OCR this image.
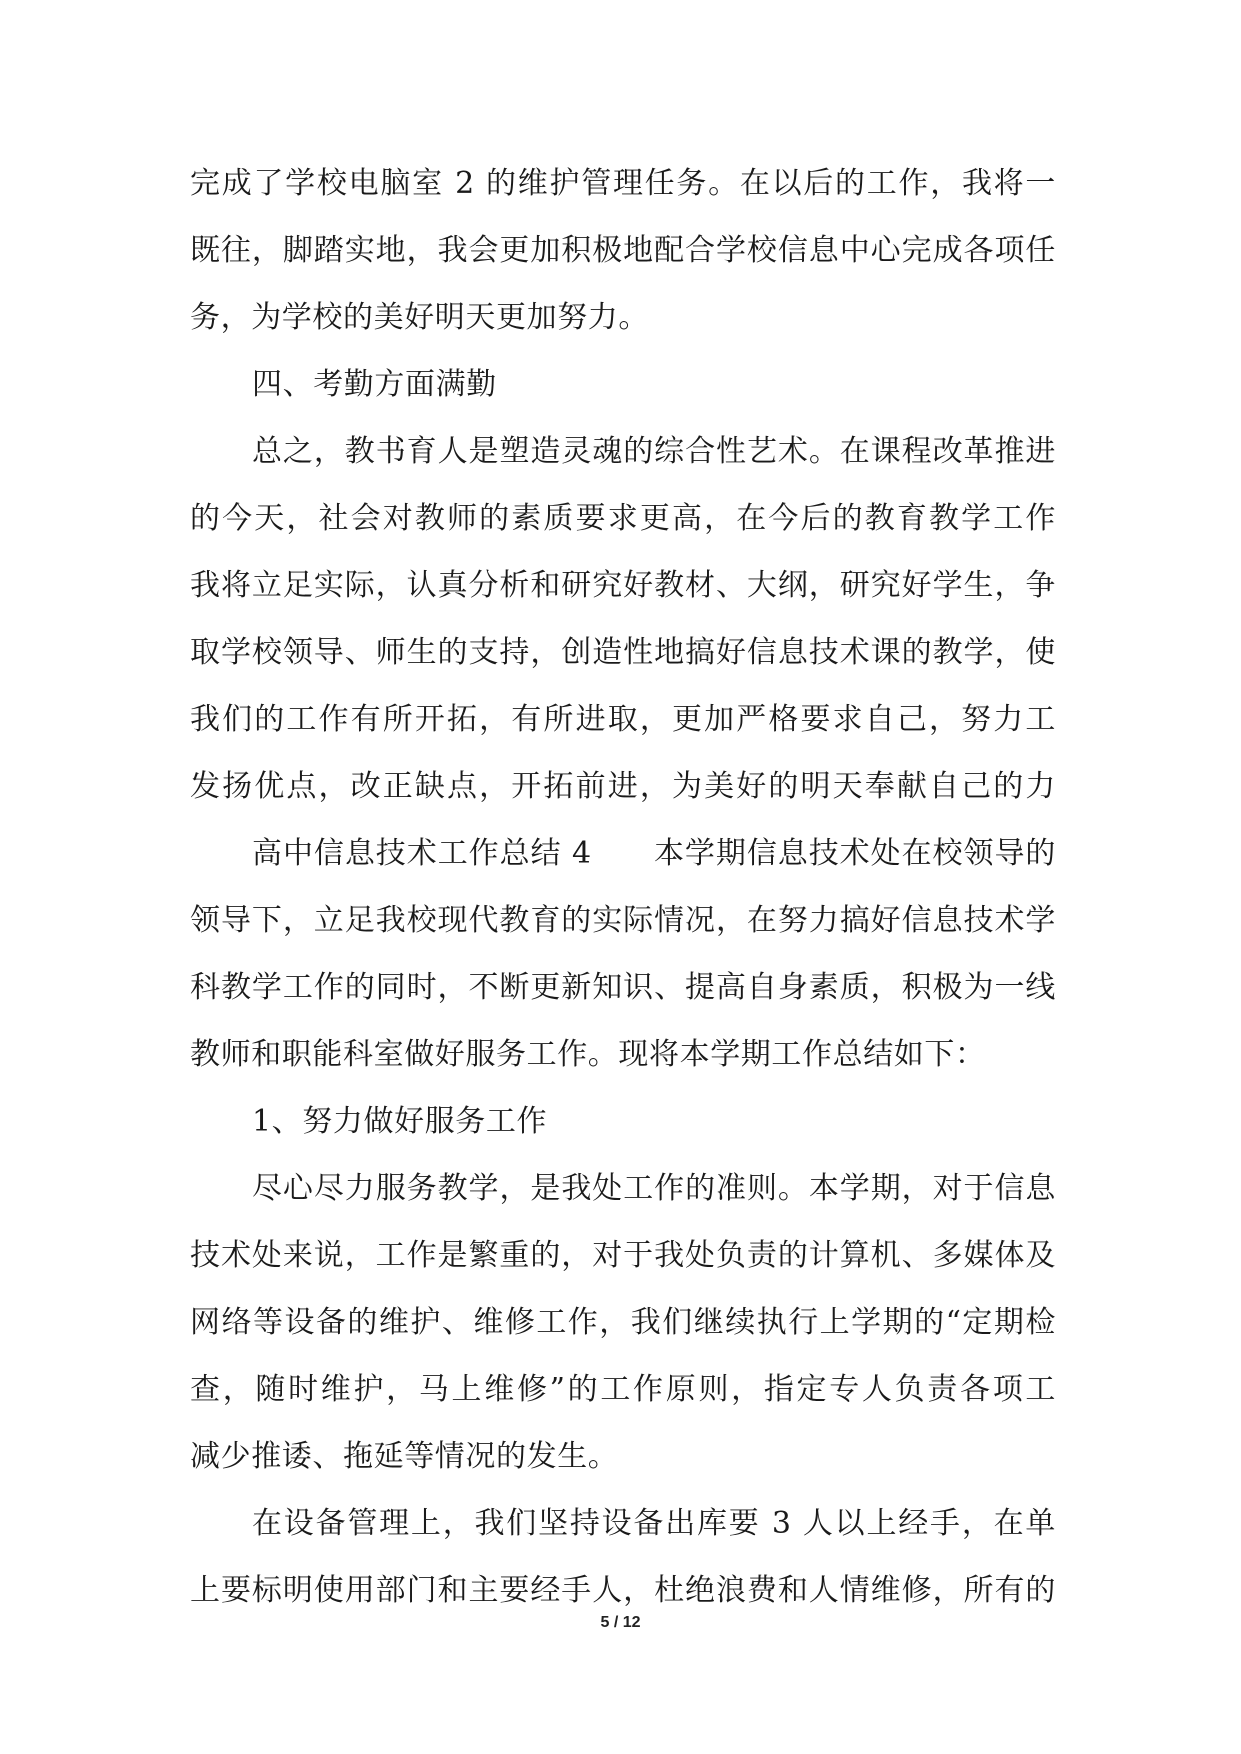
完成了学校电脑室 2 的维护管理任务。在以后的工作，我将一
既往，脚踏实地，我会更加积极地配合学校信息中心完成各项任
务，为学校的美好明天更加努力。
四、考勤方面满勤
总之，教书育人是塑造灵魂的综合性艺术。在课程改革推进
的今天，社会对教师的素质要求更高，在今后的教育教学工作
我将立足实际，认真分析和研究好教材、大纲，研究好学生，争
取学校领导、师生的支持，创造性地搞好信息技术课的教学，使
我们的工作有所开拓，有所进取，更加严格要求自己，努力工
发扬优点，改正缺点，开拓前进，为美好的明天奉献自己的力
高中信息技术工作总结 4　　本学期信息技术处在校领导的
领导下，立足我校现代教育的实际情况，在努力搞好信息技术学
科教学工作的同时，不断更新知识、提高自身素质，积极为一线
教师和职能科室做好服务工作。现将本学期工作总结如下：
1、努力做好服务工作
尽心尽力服务教学，是我处工作的准则。本学期，对于信息
技术处来说，工作是繁重的，对于我处负责的计算机、多媒体及
网络等设备的维护、维修工作，我们继续执行上学期的“定期检
查，随时维护，马上维修”的工作原则，指定专人负责各项工
减少推诿、拖延等情况的发生。
在设备管理上，我们坚持设备出库要 3 人以上经手，在单
上要标明使用部门和主要经手人，杜绝浪费和人情维修，所有的
5 / 12
